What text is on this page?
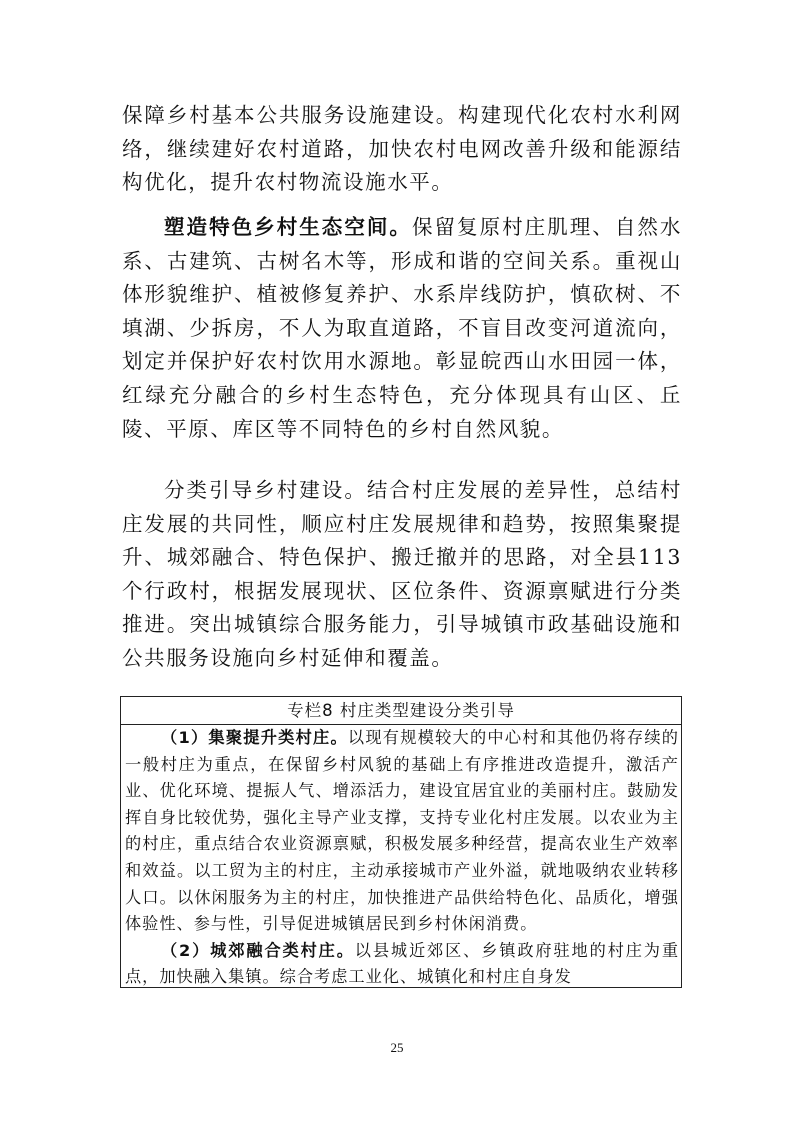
保障乡村基本公共服务设施建设。构建现代化农村水利网络，继续建好农村道路，加快农村电网改善升级和能源结构优化，提升农村物流设施水平。

塑造特色乡村生态空间。保留复原村庄肌理、自然水系、古建筑、古树名木等，形成和谐的空间关系。重视山体形貌维护、植被修复养护、水系岸线防护，慎砍树、不填湖、少拆房，不人为取直道路，不盲目改变河道流向，划定并保护好农村饮用水源地。彰显皖西山水田园一体，红绿充分融合的乡村生态特色，充分体现具有山区、丘陵、平原、库区等不同特色的乡村自然风貌。

分类引导乡村建设。结合村庄发展的差异性，总结村庄发展的共同性，顺应村庄发展规律和趋势，按照集聚提升、城郊融合、特色保护、搬迁撤并的思路，对全县113个行政村，根据发展现状、区位条件、资源禀赋进行分类推进。突出城镇综合服务能力，引导城镇市政基础设施和公共服务设施向乡村延伸和覆盖。

专栏8 村庄类型建设分类引导

（1）集聚提升类村庄。以现有规模较大的中心村和其他仍将存续的一般村庄为重点，在保留乡村风貌的基础上有序推进改造提升，激活产业、优化环境、提振人气、增添活力，建设宜居宜业的美丽村庄。鼓励发挥自身比较优势，强化主导产业支撑，支持专业化村庄发展。以农业为主的村庄，重点结合农业资源禀赋，积极发展多种经营，提高农业生产效率和效益。以工贸为主的村庄，主动承接城市产业外溢，就地吸纳农业转移人口。以休闲服务为主的村庄，加快推进产品供给特色化、品质化，增强体验性、参与性，引导促进城镇居民到乡村休闲消费。

（2）城郊融合类村庄。以县城近郊区、乡镇政府驻地的村庄为重点，加快融入集镇。综合考虑工业化、城镇化和村庄自身发

25
